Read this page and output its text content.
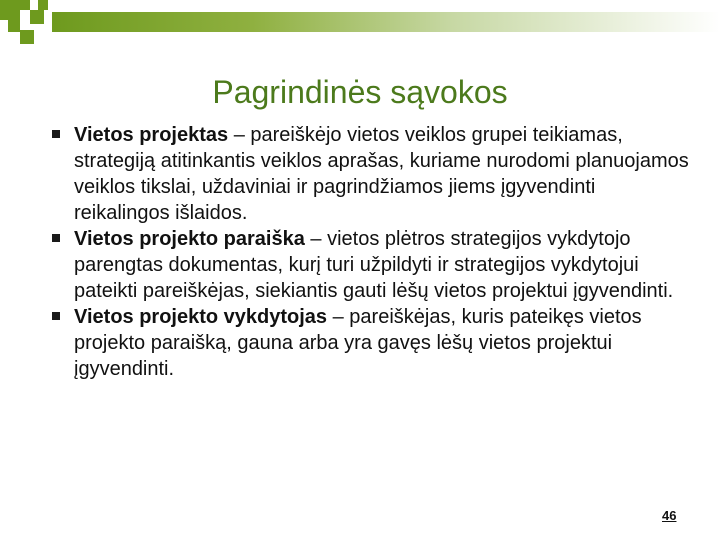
Pagrindinės sąvokos
Vietos projektas – pareiškėjo vietos veiklos grupei teikiamas, strategiją atitinkantis veiklos aprašas, kuriame nurodomi planuojamos veiklos tikslai, uždaviniai ir pagrindžiamos jiems įgyvendinti reikalingos išlaidos.
Vietos projekto paraiška – vietos plėtros strategijos vykdytojo parengtas dokumentas, kurį turi užpildyti ir strategijos vykdytojui pateikti pareiškėjas, siekiantis gauti lėšų vietos projektui įgyvendinti.
Vietos projekto vykdytojas – pareiškėjas, kuris pateikęs vietos projekto paraišką, gauna arba yra gavęs lėšų vietos projektui įgyvendinti.
46
